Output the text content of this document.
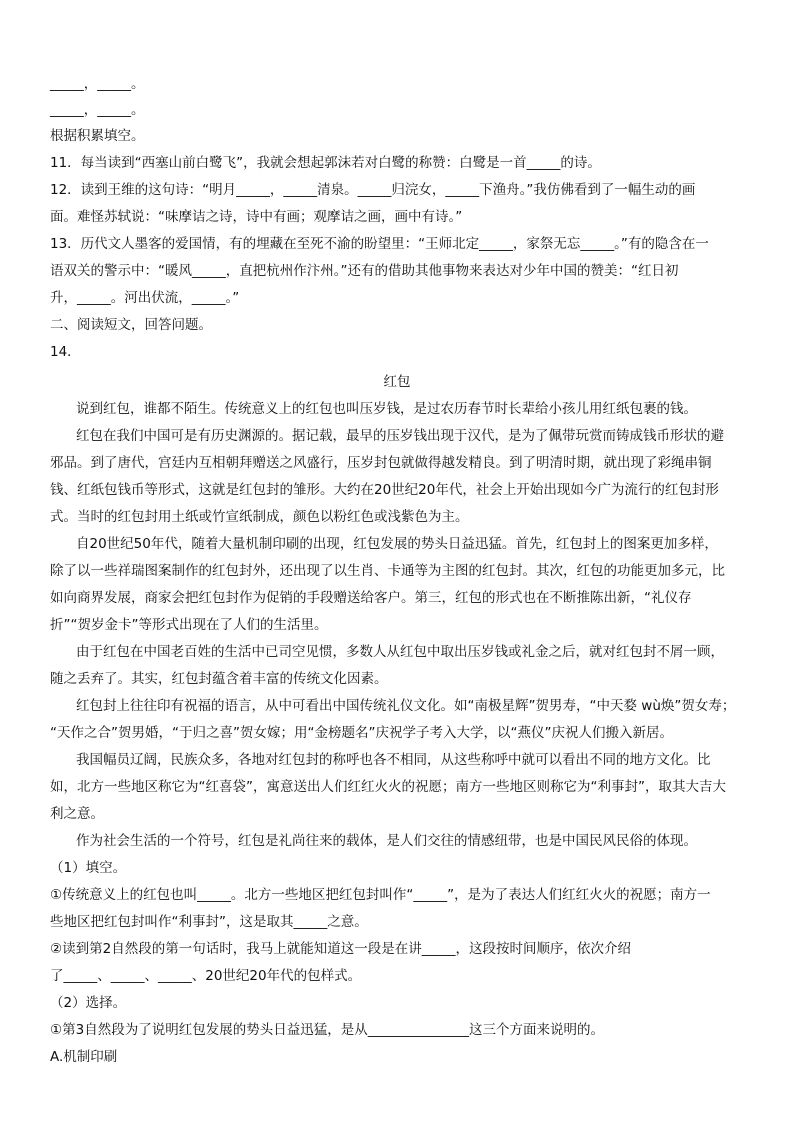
_____，_____。
_____，_____。
根据积累填空。
11．每当读到“西塞山前白鹭飞”，我就会想起郭沫若对白鹭的称赞：白鹭是一首_____的诗。
12．读到王维的这句诗：“明月_____，_____清泉。_____归浣女，_____下渔舟。”我仿佛看到了一幅生动的画
面。难怪苏轼说：“味摩诘之诗，诗中有画；观摩诘之画，画中有诗。”
13．历代文人墨客的爱国情，有的埋藏在至死不渝的盼望里：“王师北定_____，家祭无忘_____。”有的隐含在一
语双关的警示中：“暖风_____，直把杭州作汴州。”还有的借助其他事物来表达对少年中国的赞美：“红日初
升，_____。河出伏流，_____。”
二、阅读短文，回答问题。
14．
红包
说到红包，谁都不陌生。传统意义上的红包也叫压岁钱，是过农历春节时长辈给小孩儿用红纸包裹的钱。
红包在我们中国可是有历史渊源的。据记载，最早的压岁钱出现于汉代，是为了佩带玩赏而铸成钱币形状的避
邪品。到了唐代，宫廷内互相朝拜赠送之风盛行，压岁封包就做得越发精良。到了明清时期，就出现了彩绳串铜
钱、红纸包钱币等形式，这就是红包封的雏形。大约在20世纪20年代，社会上开始出现如今广为流行的红包封形
式。当时的红包封用土纸或竹宣纸制成，颜色以粉红色或浅紫色为主。
自20世纪50年代，随着大量机制印刷的出现，红包发展的势头日益迅猛。首先，红包封上的图案更加多样，
除了以一些祥瑞图案制作的红包封外，还出现了以生肖、卡通等为主图的红包封。其次，红包的功能更加多元，比
如向商界发展，商家会把红包封作为促销的手段赠送给客户。第三，红包的形式也在不断推陈出新，“礼仪存
折”“贺岁金卡”等形式出现在了人们的生活里。
由于红包在中国老百姓的生活中已司空见惯，多数人从红包中取出压岁钱或礼金之后，就对红包封不屑一顾，
随之丢弃了。其实，红包封蕴含着丰富的传统文化因素。
红包封上往往印有祝福的语言，从中可看出中国传统礼仪文化。如“南极星辉”贺男寿，“中天婺 wù焕”贺女寿；
“天作之合”贺男婚，“于归之喜”贺女嫁；用“金榜题名”庆祝学子考入大学，以“燕仪”庆祝人们搬入新居。
我国幅员辽阔，民族众多，各地对红包封的称呼也各不相同，从这些称呼中就可以看出不同的地方文化。比
如，北方一些地区称它为“红喜袋”，寓意送出人们红红火火的祝愿；南方一些地区则称它为“利事封”，取其大吉大
利之意。
作为社会生活的一个符号，红包是礼尚往来的载体，是人们交往的情感纽带，也是中国民风民俗的体现。
（1）填空。
①传统意义上的红包也叫_____。北方一些地区把红包封叫作“_____”，是为了表达人们红红火火的祝愿；南方一
些地区把红包封叫作“利事封”，这是取其_____之意。
②读到第2自然段的第一句话时，我马上就能知道这一段是在讲_____，这段按时间顺序，依次介绍
了_____、_____、_____、20世纪20年代的包样式。
（2）选择。
①第3自然段为了说明红包发展的势头日益迅猛，是从_______________这三个方面来说明的。
A.机制印刷
